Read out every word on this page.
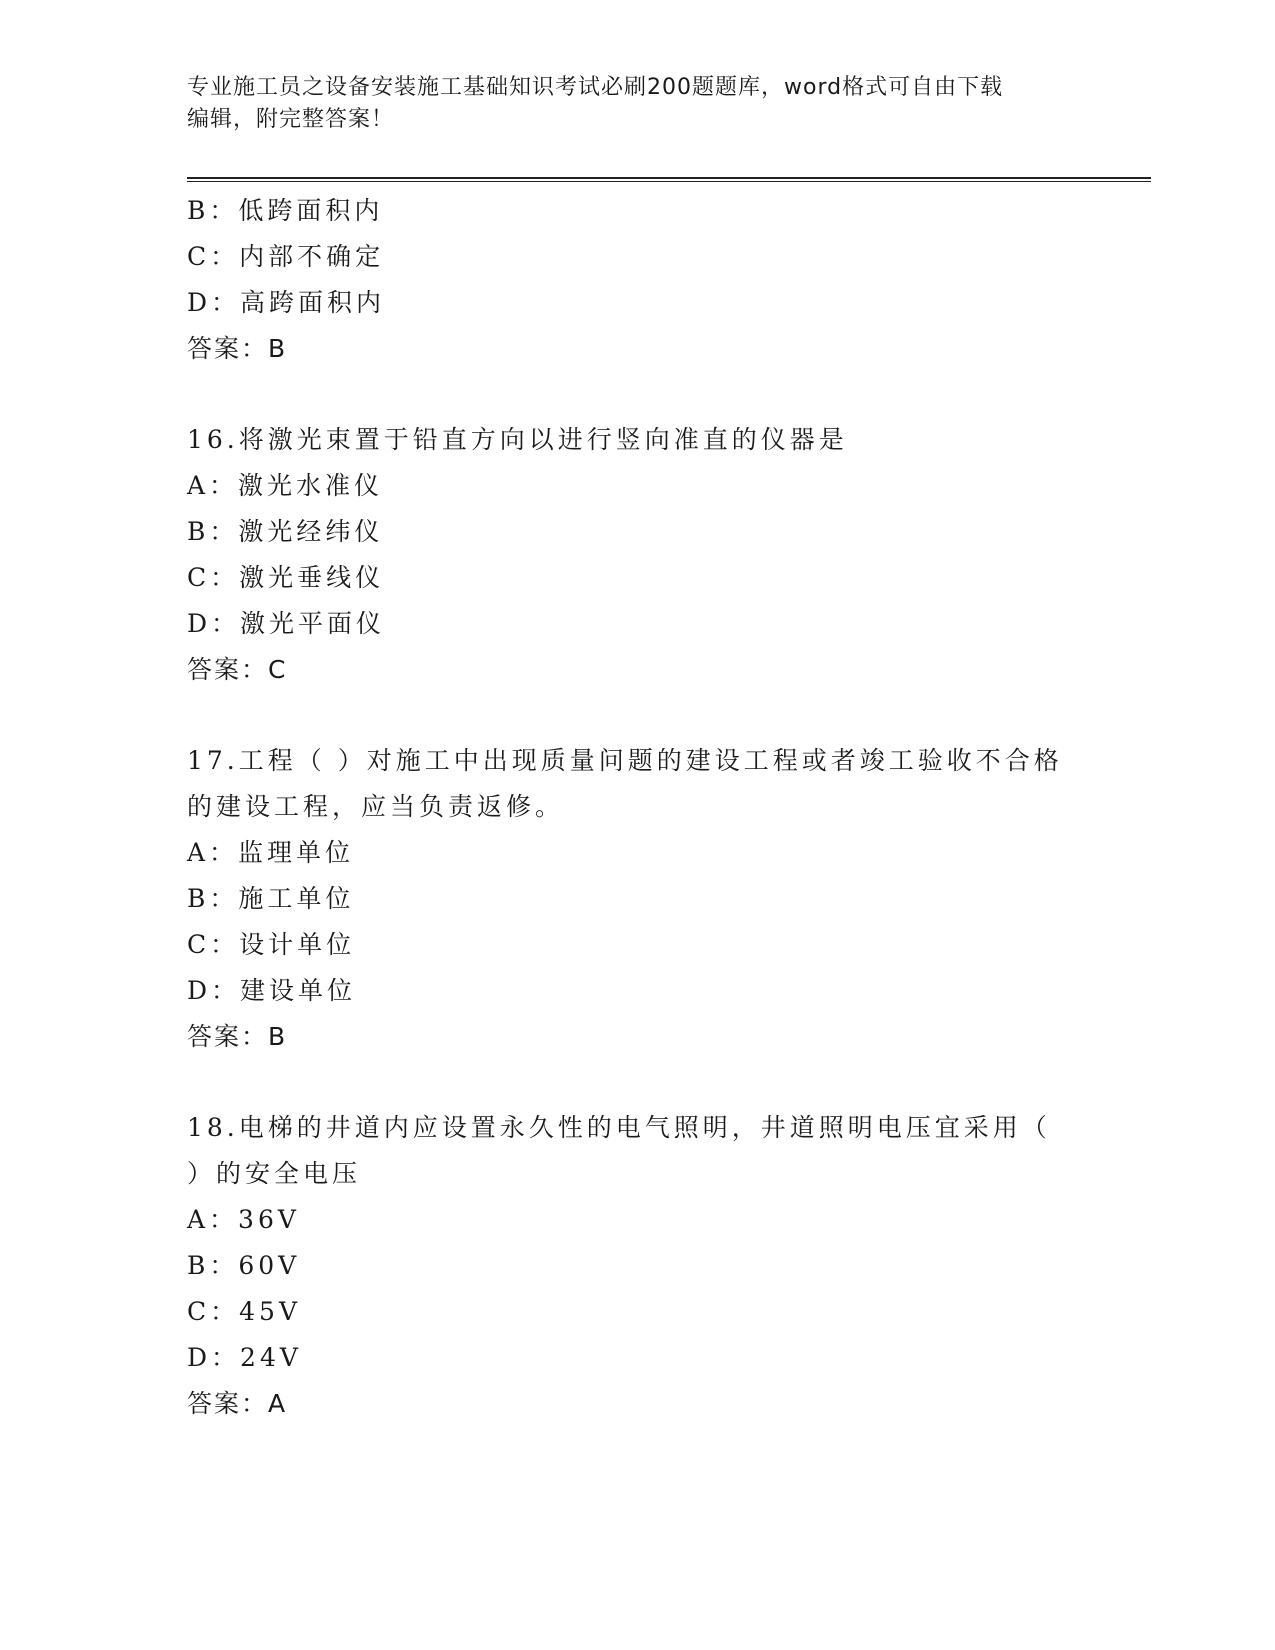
专业施工员之设备安装施工基础知识考试必刷200题题库，word格式可自由下载
编辑，附完整答案！
B：低跨面积内
C：内部不确定
D：高跨面积内
答案：B
16.将激光束置于铅直方向以进行竖向准直的仪器是
A：激光水准仪
B：激光经纬仪
C：激光垂线仪
D：激光平面仪
答案：C
17.工程（ ）对施工中出现质量问题的建设工程或者竣工验收不合格
的建设工程，应当负责返修。
A：监理单位
B：施工单位
C：设计单位
D：建设单位
答案：B
18.电梯的井道内应设置永久性的电气照明，井道照明电压宜采用（
）的安全电压
A：36V
B：60V
C：45V
D：24V
答案：A
